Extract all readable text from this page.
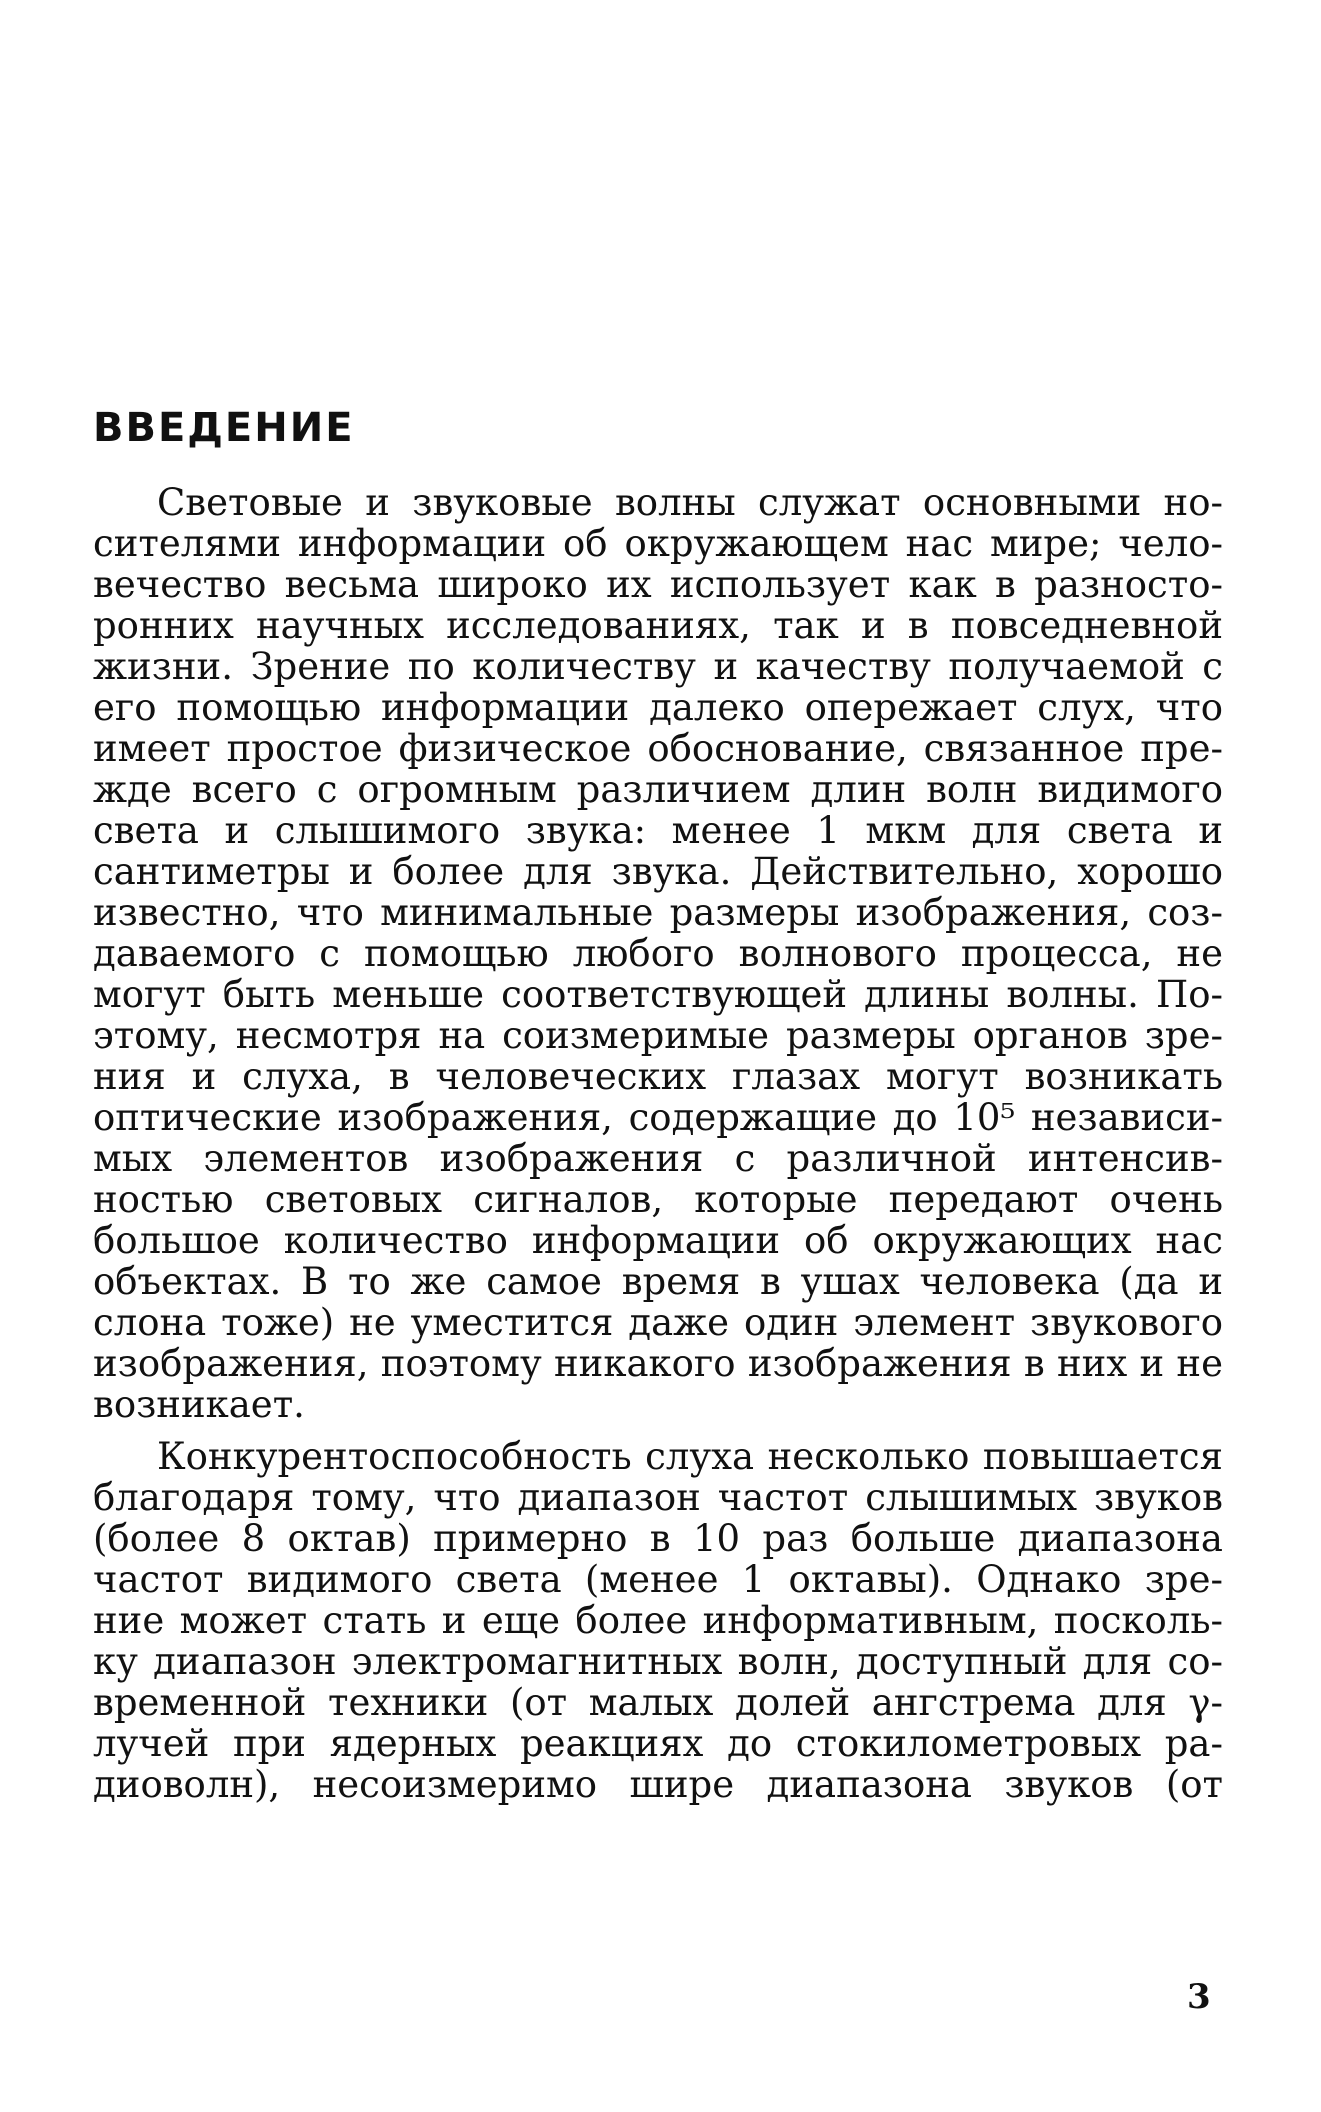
ВВЕДЕНИЕ
Световые и звуковые волны служат основными но-
сителями информации об окружающем нас мире; чело-
вечество весьма широко их использует как в разносто-
ронних научных исследованиях, так и в повседневной
жизни. Зрение по количеству и качеству получаемой с
его помощью информации далеко опережает слух, что
имеет простое физическое обоснование, связанное пре-
жде всего с огромным различием длин волн видимого
света и слышимого звука: менее 1 мкм для света и
сантиметры и более для звука. Действительно, хорошо
известно, что минимальные размеры изображения, соз-
даваемого с помощью любого волнового процесса, не
могут быть меньше соответствующей длины волны. По-
этому, несмотря на соизмеримые размеры органов зре-
ния и слуха, в человеческих глазах могут возникать
оптические изображения, содержащие до 10⁵ независи-
мых элементов изображения с различной интенсив-
ностью световых сигналов, которые передают очень
большое количество информации об окружающих нас
объектах. В то же самое время в ушах человека (да и
слона тоже) не уместится даже один элемент звукового
изображения, поэтому никакого изображения в них и не
возникает.
Конкурентоспособность слуха несколько повышается
благодаря тому, что диапазон частот слышимых звуков
(более 8 октав) примерно в 10 раз больше диапазона
частот видимого света (менее 1 октавы). Однако зре-
ние может стать и еще более информативным, посколь-
ку диапазон электромагнитных волн, доступный для со-
временной техники (от малых долей ангстрема для γ-
лучей при ядерных реакциях до стокилометровых ра-
диоволн), несоизмеримо шире диапазона звуков (от
3
